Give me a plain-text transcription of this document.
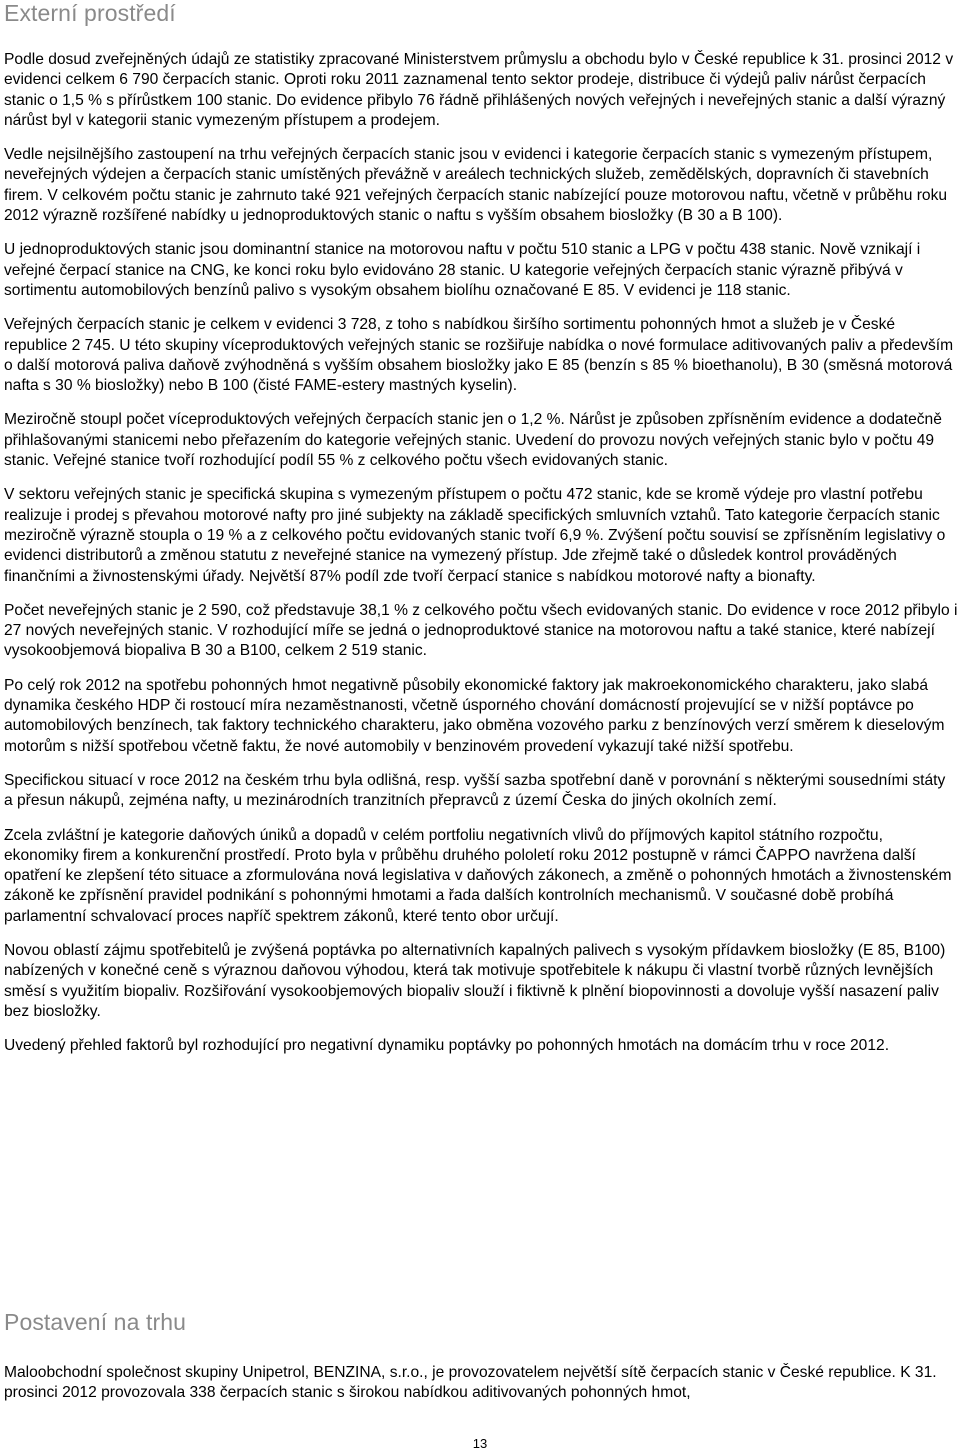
Externí prostředí

Podle dosud zveřejněných údajů ze statistiky zpracované Ministerstvem průmyslu a obchodu bylo v České republice k 31. prosinci 2012 v evidenci celkem 6 790 čerpacích stanic. Oproti roku 2011 zaznamenal tento sektor prodeje, distribuce či výdejů paliv nárůst čerpacích stanic o 1,5 % s přírůstkem 100 stanic. Do evidence přibylo 76 řádně přihlášených nových veřejných i neveřejných stanic a další výrazný nárůst byl v kategorii stanic vymezeným přístupem a prodejem.

Vedle nejsilnějšího zastoupení na trhu veřejných čerpacích stanic jsou v evidenci i kategorie čerpacích stanic s vymezeným přístupem, neveřejných výdejen a čerpacích stanic umístěných převážně v areálech technických služeb, zemědělských, dopravních či stavebních firem. V celkovém počtu stanic je zahrnuto také 921 veřejných čerpacích stanic nabízející pouze motorovou naftu, včetně v průběhu roku 2012 výrazně rozšířené nabídky u jednoproduktových stanic o naftu s vyšším obsahem biosložky (B 30 a B 100).

U jednoproduktových stanic jsou dominantní stanice na motorovou naftu v počtu 510 stanic a LPG v počtu 438 stanic. Nově vznikají i veřejné čerpací stanice na CNG, ke konci roku bylo evidováno 28 stanic. U kategorie veřejných čerpacích stanic výrazně přibývá v sortimentu automobilových benzínů palivo s vysokým obsahem biolíhu označované E 85. V evidenci je 118 stanic.

Veřejných čerpacích stanic je celkem v evidenci 3 728, z toho s nabídkou širšího sortimentu pohonných hmot a služeb je v České republice 2 745. U této skupiny víceproduktových veřejných stanic se rozšiřuje nabídka o nové formulace aditivovaných paliv a především o další motorová paliva daňově zvýhodněná s vyšším obsahem biosložky jako E 85 (benzín s 85 % bioethanolu), B 30 (směsná motorová nafta s 30 % biosložky) nebo B 100 (čisté FAME-estery mastných kyselin).

Meziročně stoupl počet víceproduktových veřejných čerpacích stanic jen o 1,2 %. Nárůst je způsoben zpřísněním evidence a dodatečně přihlašovanými stanicemi nebo přeřazením do kategorie veřejných stanic. Uvedení do provozu nových veřejných stanic bylo v počtu 49 stanic. Veřejné stanice tvoří rozhodující podíl 55 % z celkového počtu všech evidovaných stanic.

V sektoru veřejných stanic je specifická skupina s vymezeným přístupem o počtu 472 stanic, kde se kromě výdeje pro vlastní potřebu realizuje i prodej s převahou motorové nafty pro jiné subjekty na základě specifických smluvních vztahů. Tato kategorie čerpacích stanic meziročně výrazně stoupla o 19 % a z celkového počtu evidovaných stanic tvoří 6,9 %. Zvýšení počtu souvisí se zpřísněním legislativy o evidenci distributorů a změnou statutu z neveřejné stanice na vymezený přístup. Jde zřejmě také o důsledek kontrol prováděných finančními a živnostenskými úřady. Největší 87% podíl zde tvoří čerpací stanice s nabídkou motorové nafty a bionafty.

Počet neveřejných stanic je 2 590, což představuje 38,1 % z celkového počtu všech evidovaných stanic. Do evidence v roce 2012 přibylo i 27 nových neveřejných stanic. V rozhodující míře se jedná o jednoproduktové stanice na motorovou naftu a také stanice, které nabízejí vysokoobjemová biopaliva B 30 a B100, celkem 2 519 stanic.

Po celý rok 2012 na spotřebu pohonných hmot negativně působily ekonomické faktory jak makroekonomického charakteru, jako slabá dynamika českého HDP či rostoucí míra nezaměstnanosti, včetně úsporného chování domácností projevující se v nižší poptávce po automobilových benzínech, tak faktory technického charakteru, jako obměna vozového parku z benzínových verzí směrem k dieselovým motorům s nižší spotřebou včetně faktu, že nové automobily v benzinovém provedení vykazují také nižší spotřebu.

Specifickou situací v roce 2012 na českém trhu byla odlišná, resp. vyšší sazba spotřební daně v porovnání s některými sousedními státy a přesun nákupů, zejména nafty, u mezinárodních tranzitních přepravců z území Česka do jiných okolních zemí.

Zcela zvláštní je kategorie daňových úniků a dopadů v celém portfoliu negativních vlivů do příjmových kapitol státního rozpočtu, ekonomiky firem a konkurenční prostředí. Proto byla v průběhu druhého pololetí roku 2012 postupně v rámci ČAPPO navržena další opatření ke zlepšení této situace a zformulována nová legislativa v daňových zákonech, a změně o pohonných hmotách a živnostenském zákoně ke zpřísnění pravidel podnikání s pohonnými hmotami a řada dalších kontrolních mechanismů. V současné době probíhá parlamentní schvalovací proces napříč spektrem zákonů, které tento obor určují.

Novou oblastí zájmu spotřebitelů je zvýšená poptávka po alternativních kapalných palivech s vysokým přídavkem biosložky (E 85, B100) nabízených v konečné ceně s výraznou daňovou výhodou, která tak motivuje spotřebitele k nákupu či vlastní tvorbě různých levnějších směsí s využitím biopaliv. Rozšiřování vysokoobjemových biopaliv slouží i fiktivně k plnění biopovinnosti a dovoluje vyšší nasazení paliv bez biosložky.

Uvedený přehled faktorů byl rozhodující pro negativní dynamiku poptávky po pohonných hmotách na domácím trhu v roce 2012.

Postavení na trhu

Maloobchodní společnost skupiny Unipetrol, BENZINA, s.r.o., je provozovatelem největší sítě čerpacích stanic v České republice. K 31. prosinci 2012 provozovala 338 čerpacích stanic s širokou nabídkou aditivovaných pohonných hmot,

13
